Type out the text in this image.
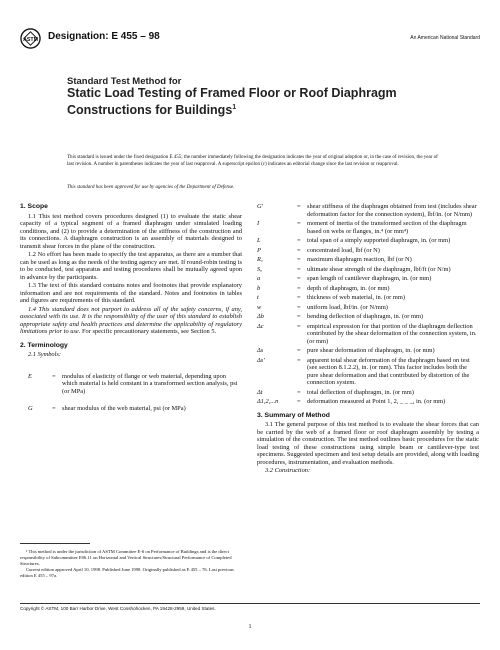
ASTM Designation: E 455 – 98	An American National Standard
Standard Test Method for
Static Load Testing of Framed Floor or Roof Diaphragm
Constructions for Buildings$^1$
This standard is issued under the fixed designation E 455; the number immediately following the designation indicates the year of original adoption or, in the case of revision, the year of last revision. A number in parentheses indicates the year of last reapproval. A superscript epsilon (ε) indicates an editorial change since the last revision or reapproval.
This standard has been approved for use by agencies of the Department of Defense.
1. Scope
1.1 This test method covers procedures designed (1) to evaluate the static shear capacity of a typical segment of a framed diaphragm under simulated loading conditions, and (2) to provide a determination of the stiffness of the construction and its connections. A diaphragm construction is an assembly of materials designed to transmit shear forces in the plane of the construction.
1.2 No effort has been made to specify the test apparatus, as there are a number that can be used as long as the needs of the testing agency are met. If round-robin testing is to be conducted, test apparatus and testing procedures shall be mutually agreed upon in advance by the participants.
1.3 The text of this standard contains notes and footnotes that provide explanatory information and are not requirements of the standard. Notes and footnotes in tables and figures are requirements of this standard.
1.4 This standard does not purport to address all of the safety concerns, if any, associated with its use. It is the responsibility of the user of this standard to establish appropriate safety and health practices and determine the applicability of regulatory limitations prior to use. For specific precautionary statements, see Section 5.
2. Terminology
2.1 Symbols:
E	= modulus of elasticity of flange or web material, depending upon which material is held constant in a transformed section analysis, psi (or MPa)
G	= shear modulus of the web material, psi (or MPa)
¹ This method is under the jurisdiction of ASTM Committee E-6 on Performance of Buildings and is the direct responsibility of Subcommittee E06.11 on Horizontal and Vertical Structures/Structural Performance of Completed Structures.
Current edition approved April 10, 1998. Published June 1998. Originally published as E 455 – 76. Last previous edition E 455 – 97a.
G'	= shear stiffness of the diaphragm obtained from test (includes shear deformation factor for the connection system), lbf/in. (or N/mm)
I	= moment of inertia of the transformed section of the diaphragm based on webs or flanges, in.⁴ (or mm⁴)
L	= total span of a simply supported diaphragm, in. (or mm)
P	= concentrated load, lbf (or N)
Rᵤ	= maximum diaphragm reaction, lbf (or N)
Sᵤ	= ultimate shear strength of the diaphragm, lbf/ft (or N/m)
a	= span length of cantilever diaphragm, in. (or mm)
b	= depth of diaphragm, in. (or mm)
t	= thickness of web material, in. (or mm)
w	= uniform load, lbf/in. (or N/mm)
Δb	= bending deflection of diaphragm, in. (or mm)
Δc	= empirical expression for that portion of the diaphragm deflection contributed by the shear deformation of the connection system, in. (or mm)
Δs	= pure shear deformation of diaphragm, in. (or mm)
Δs'	= apparent total shear deformation of the diaphragm based on test (see section 8.1.2.2), in. (or mm). This factor includes both the pure shear deformation and that contributed by distortion of the connection system.
Δt	= total deflection of diaphragm, in. (or mm)
Δ1,2,...n	= deformation measured at Point 1, 2, _ _ _, in. (or mm)
3. Summary of Method
3.1 The general purpose of this test method is to evaluate the shear forces that can be carried by the web of a framed floor or roof diaphragm assembly by testing a simulation of the construction. The test method outlines basic procedures for the static load testing of these constructions using simple beam or cantilever-type test specimens. Suggested specimen and test setup details are provided, along with loading procedures, instrumentation, and evaluation methods.
3.2 Construction:
Copyright © ASTM, 100 Barr Harbor Drive, West Conshohocken, PA 19428-2959, United States.
1
